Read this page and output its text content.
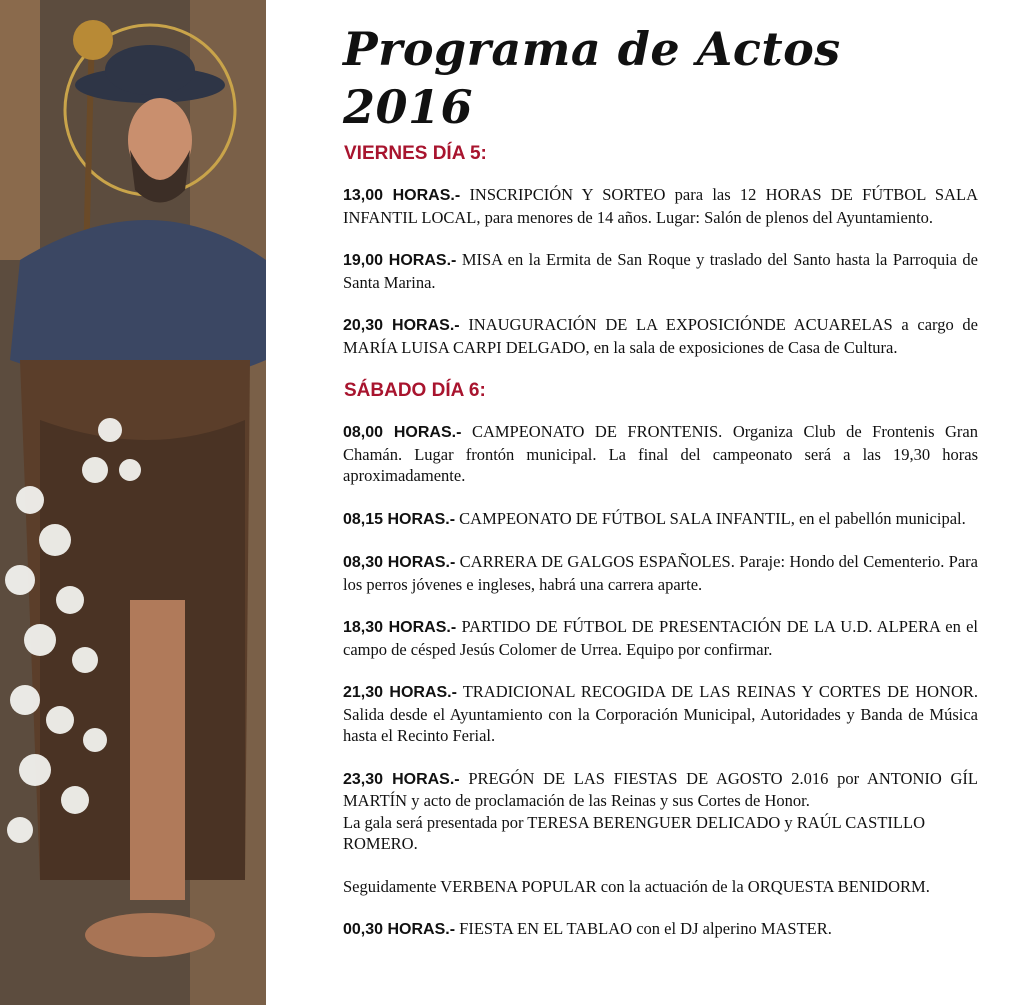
Programa de Actos 2016
VIERNES DÍA 5:

13,00 HORAS.- INSCRIPCIÓN Y SORTEO para las 12 HORAS DE FÚTBOL SALA INFANTIL LOCAL, para menores de 14 años. Lugar: Salón de plenos del Ayuntamiento.

19,00 HORAS.- MISA en la Ermita de San Roque y traslado del Santo hasta la Parroquia de Santa Marina.

20,30 HORAS.- INAUGURACIÓN DE LA EXPOSICIÓNDE ACUARELAS a cargo de MARÍA LUISA CARPI DELGADO, en la sala de exposiciones de Casa de Cultura.

SÁBADO DÍA 6:

08,00 HORAS.- CAMPEONATO DE FRONTENIS. Organiza Club de Frontenis Gran Chamán. Lugar frontón municipal. La final del campeonato será a las 19,30 horas aproximadamente.

08,15 HORAS.- CAMPEONATO DE FÚTBOL SALA INFANTIL, en el pabellón municipal.

08,30 HORAS.- CARRERA DE GALGOS ESPAÑOLES. Paraje: Hondo del Cementerio. Para los perros jóvenes e ingleses, habrá una carrera aparte.

18,30 HORAS.- PARTIDO DE FÚTBOL DE PRESENTACIÓN DE LA U.D. ALPERA en el campo de césped Jesús Colomer de Urrea. Equipo por confirmar.

21,30 HORAS.- TRADICIONAL RECOGIDA DE LAS REINAS Y CORTES DE HONOR. Salida desde el Ayuntamiento con la Corporación Municipal, Autoridades y Banda de Música hasta el Recinto Ferial.

23,30 HORAS.- PREGÓN DE LAS FIESTAS DE AGOSTO 2.016 por ANTONIO GÍL MARTÍN y acto de proclamación de las Reinas y sus Cortes de Honor.

La gala será presentada por TERESA BERENGUER DELICADO y RAÚL CASTILLO ROMERO.

Seguidamente VERBENA POPULAR con la actuación de la ORQUESTA BENIDORM.

00,30 HORAS.- FIESTA EN EL TABLAO con el DJ alperino MASTER.
